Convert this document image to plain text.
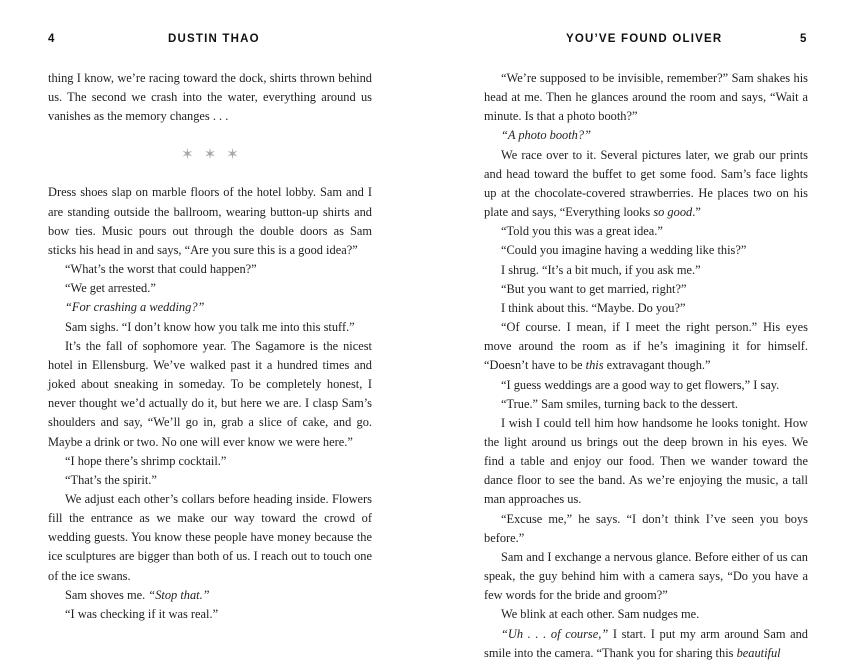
4	DUSTIN THAO

thing I know, we’re racing toward the dock, shirts thrown behind us. The second we crash into the water, everything around us vanishes as the memory changes . . .

✶ ✶ ✶

Dress shoes slap on marble floors of the hotel lobby. Sam and I are standing outside the ballroom, wearing button-up shirts and bow ties. Music pours out through the double doors as Sam sticks his head in and says, “Are you sure this is a good idea?”

“What’s the worst that could happen?”

“We get arrested.”

“For crashing a wedding?”

Sam sighs. “I don’t know how you talk me into this stuff.”

It’s the fall of sophomore year. The Sagamore is the nicest hotel in Ellensburg. We’ve walked past it a hundred times and joked about sneaking in someday. To be completely honest, I never thought we’d actually do it, but here we are. I clasp Sam’s shoulders and say, “We’ll go in, grab a slice of cake, and go. Maybe a drink or two. No one will ever know we were here.”

“I hope there’s shrimp cocktail.”

“That’s the spirit.”

We adjust each other’s collars before heading inside. Flowers fill the entrance as we make our way toward the crowd of wedding guests. You know these people have money because the ice sculptures are bigger than both of us. I reach out to touch one of the ice swans.

Sam shoves me. “Stop that.”

“I was checking if it was real.”

YOU’VE FOUND OLIVER	5

“We’re supposed to be invisible, remember?” Sam shakes his head at me. Then he glances around the room and says, “Wait a minute. Is that a photo booth?”

“A photo booth?”

We race over to it. Several pictures later, we grab our prints and head toward the buffet to get some food. Sam’s face lights up at the chocolate-covered strawberries. He places two on his plate and says, “Everything looks so good.”

“Told you this was a great idea.”

“Could you imagine having a wedding like this?”

I shrug. “It’s a bit much, if you ask me.”

“But you want to get married, right?”

I think about this. “Maybe. Do you?”

“Of course. I mean, if I meet the right person.” His eyes move around the room as if he’s imagining it for himself. “Doesn’t have to be this extravagant though.”

“I guess weddings are a good way to get flowers,” I say.

“True.” Sam smiles, turning back to the dessert.

I wish I could tell him how handsome he looks tonight. How the light around us brings out the deep brown in his eyes. We find a table and enjoy our food. Then we wander toward the dance floor to see the band. As we’re enjoying the music, a tall man approaches us.

“Excuse me,” he says. “I don’t think I’ve seen you boys before.”

Sam and I exchange a nervous glance. Before either of us can speak, the guy behind him with a camera says, “Do you have a few words for the bride and groom?”

We blink at each other. Sam nudges me.

“Uh . . . of course,” I start. I put my arm around Sam and smile into the camera. “Thank you for sharing this beautiful
